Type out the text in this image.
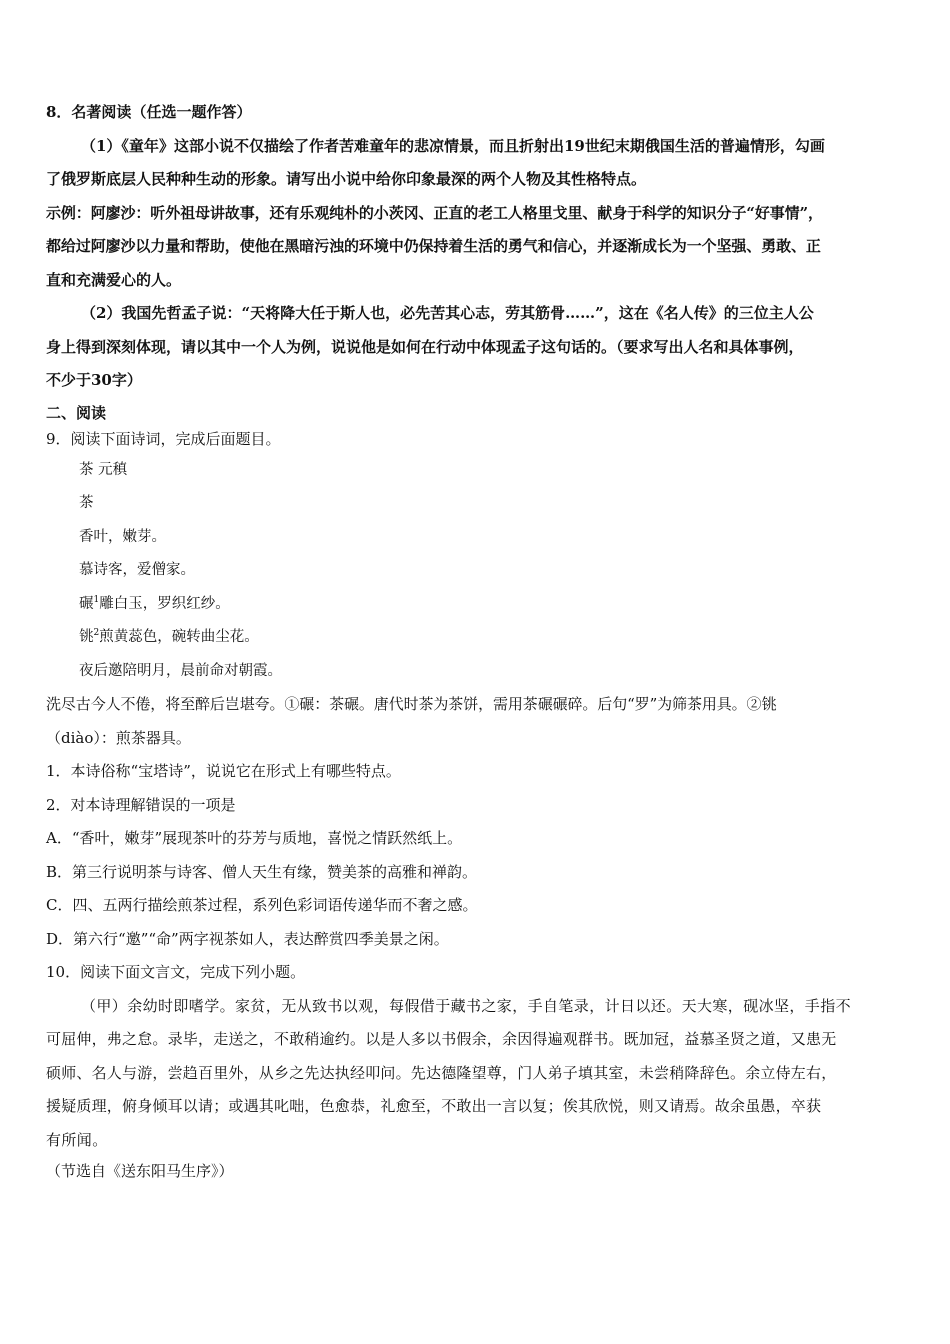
8．名著阅读（任选一题作答）
（1）《童年》这部小说不仅描绘了作者苦难童年的悲凉情景，而且折射出19世纪末期俄国生活的普遍情形，勾画
了俄罗斯底层人民种种生动的形象。请写出小说中给你印象最深的两个人物及其性格特点。
示例：阿廖沙：听外祖母讲故事，还有乐观纯朴的小茨冈、正直的老工人格里戈里、献身于科学的知识分子“好事情”，
都给过阿廖沙以力量和帮助，使他在黑暗污浊的环境中仍保持着生活的勇气和信心，并逐渐成长为一个坚强、勇敢、正
直和充满爱心的人。
（2）我国先哲孟子说：“天将降大任于斯人也，必先苦其心志，劳其筋骨……”，这在《名人传》的三位主人公
身上得到深刻体现，请以其中一个人为例，说说他是如何在行动中体现孟子这句话的。（要求写出人名和具体事例，
不少于30字）
二、阅读
9．阅读下面诗词，完成后面题目。
茶 元稹
茶
香叶，嫩芽。
慕诗客，爱僧家。
碾$^1$雕白玉，罗织红纱。
铫$^2$煎黄蕊色，碗转曲尘花。
夜后邀陪明月，晨前命对朝霞。
洗尽古今人不倦，将至醉后岂堪夸。①碾：茶碾。唐代时茶为茶饼，需用茶碾碾碎。后句“罗”为筛茶用具。②铫
（diào）：煎茶器具。
1．本诗俗称“宝塔诗”，说说它在形式上有哪些特点。
2．对本诗理解错误的一项是
A．“香叶，嫩芽”展现茶叶的芬芳与质地，喜悦之情跃然纸上。
B．第三行说明茶与诗客、僧人天生有缘，赞美茶的高雅和禅韵。
C．四、五两行描绘煎茶过程，系列色彩词语传递华而不奢之感。
D．第六行“邀”“命”两字视茶如人，表达醉赏四季美景之闲。
10．阅读下面文言文，完成下列小题。
（甲）余幼时即嗜学。家贫，无从致书以观，每假借于藏书之家，手自笔录，计日以还。天大寒，砚冰坚，手指不
可屈伸，弗之怠。录毕，走送之，不敢稍逾约。以是人多以书假余，余因得遍观群书。既加冠，益慕圣贤之道，又患无
硕师、名人与游，尝趋百里外，从乡之先达执经叩问。先达德隆望尊，门人弟子填其室，未尝稍降辞色。余立侍左右，
援疑质理，俯身倾耳以请；或遇其叱咄，色愈恭，礼愈至，不敢出一言以复；俟其欣悦，则又请焉。故余虽愚，卒获
有所闻。
（节选自《送东阳马生序》）
